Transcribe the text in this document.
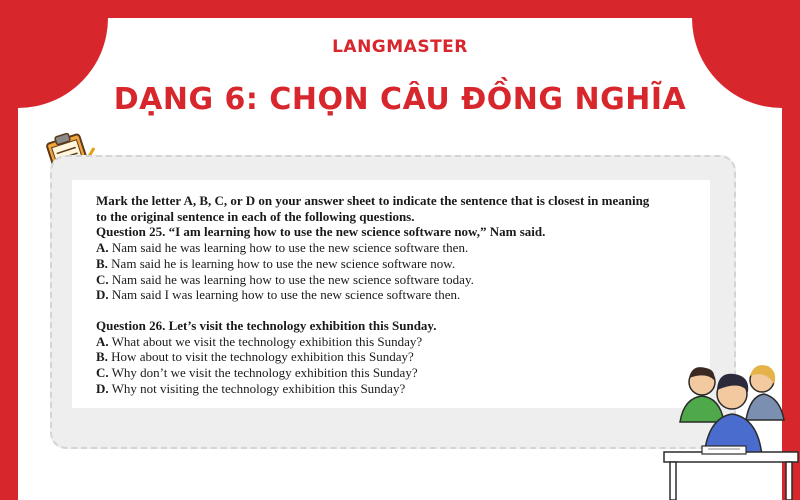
LANGMASTER
DẠNG 6: CHỌN CÂU ĐỒNG NGHĨA

Mark the letter A, B, C, or D on your answer sheet to indicate the sentence that is closest in meaning

to the original sentence in each of the following questions.

Question 25. “I am learning how to use the new science software now,” Nam said.

A. Nam said he was learning how to use the new science software then.

B. Nam said he is learning how to use the new science software now.

C. Nam said he was learning how to use the new science software today.

D. Nam said I was learning how to use the new science software then.

Question 26. Let’s visit the technology exhibition this Sunday.

A. What about we visit the technology exhibition this Sunday?

B. How about to visit the technology exhibition this Sunday?

C. Why don’t we visit the technology exhibition this Sunday?

D. Why not visiting the technology exhibition this Sunday?
